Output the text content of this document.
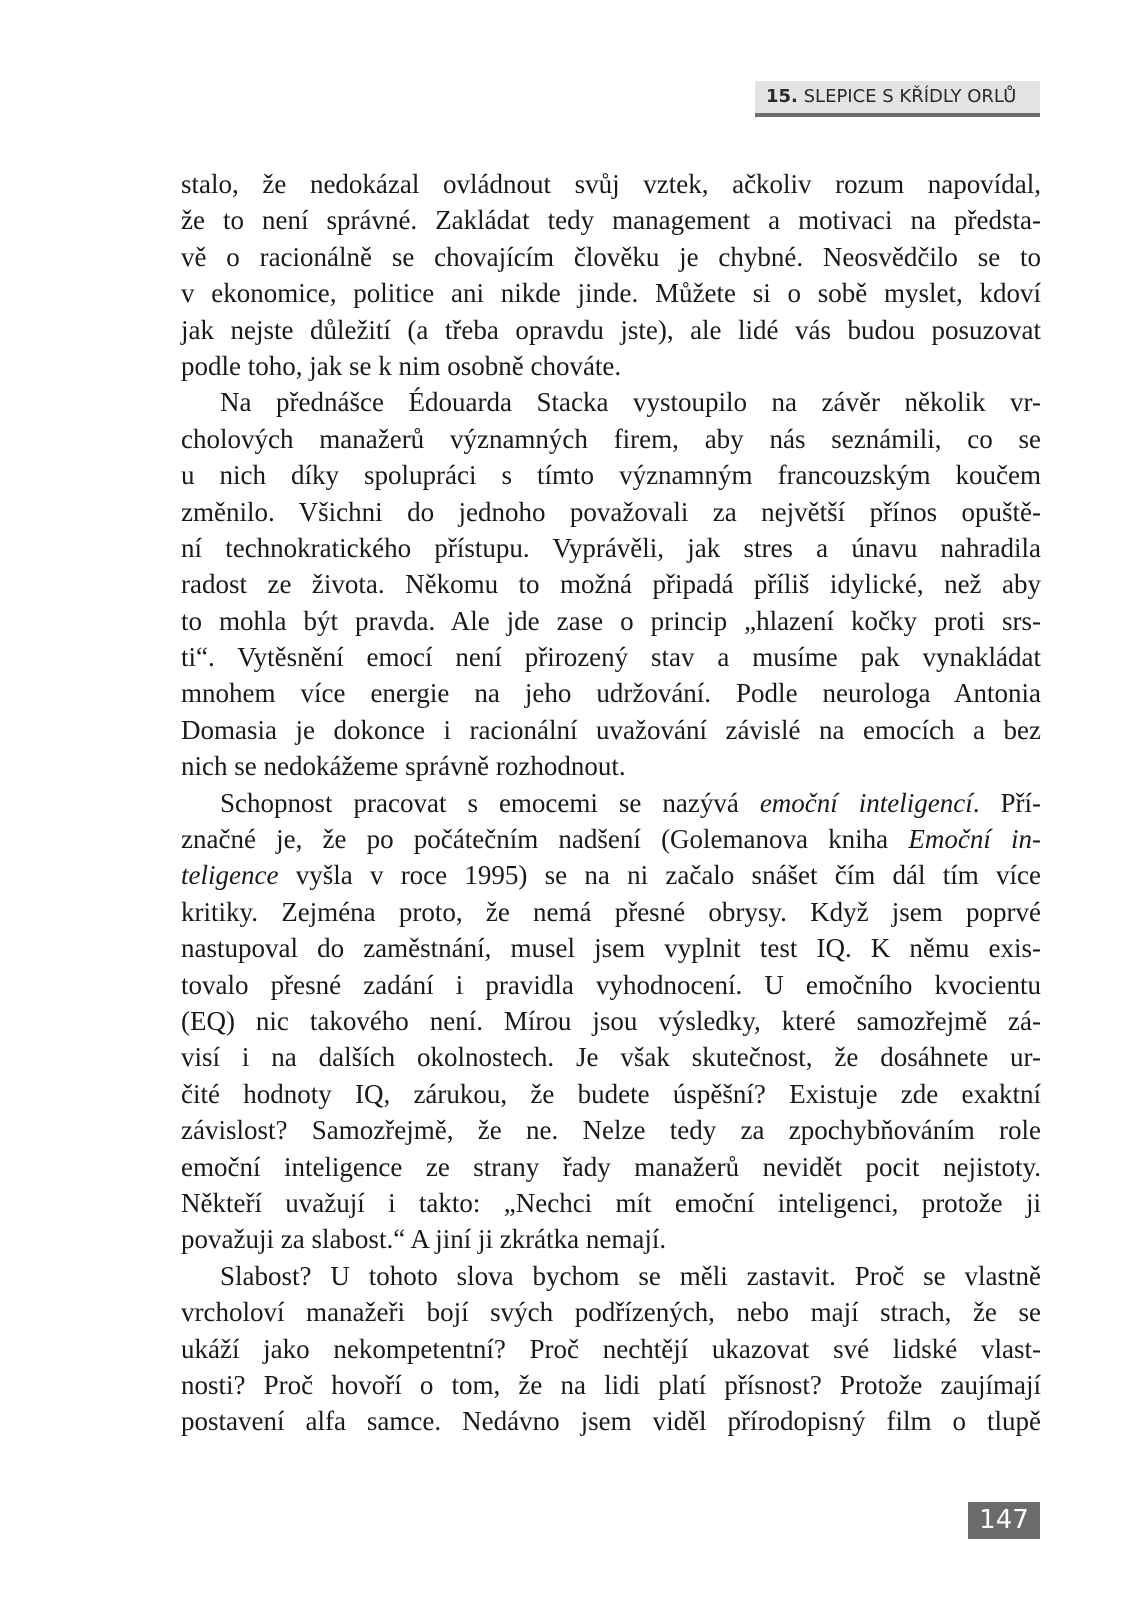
15. SLEPICE S KŘÍDLY ORLŮ
stalo, že nedokázal ovládnout svůj vztek, ačkoliv rozum napovídal,
že to není správné. Zakládat tedy management a motivaci na předsta-
vě o racionálně se chovajícím člověku je chybné. Neosvědčilo se to
v ekonomice, politice ani nikde jinde. Můžete si o sobě myslet, kdoví
jak nejste důležití (a třeba opravdu jste), ale lidé vás budou posuzovat
podle toho, jak se k nim osobně chováte.
Na přednášce Édouarda Stacka vystoupilo na závěr několik vr-
cholových manažerů významných firem, aby nás seznámili, co se
u nich díky spolupráci s tímto významným francouzským koučem
změnilo. Všichni do jednoho považovali za největší přínos opuště-
ní technokratického přístupu. Vyprávěli, jak stres a únavu nahradila
radost ze života. Někomu to možná připadá příliš idylické, než aby
to mohla být pravda. Ale jde zase o princip „hlazení kočky proti srs-
ti“. Vytěsnění emocí není přirozený stav a musíme pak vynakládat
mnohem více energie na jeho udržování. Podle neurologa Antonia
Domasia je dokonce i racionální uvažování závislé na emocích a bez
nich se nedokážeme správně rozhodnout.
Schopnost pracovat s emocemi se nazývá emoční inteligencí. Pří-
značné je, že po počátečním nadšení (Golemanova kniha Emoční in-
teligence vyšla v roce 1995) se na ni začalo snášet čím dál tím více
kritiky. Zejména proto, že nemá přesné obrysy. Když jsem poprvé
nastupoval do zaměstnání, musel jsem vyplnit test IQ. K němu exis-
tovalo přesné zadání i pravidla vyhodnocení. U emočního kvocientu
(EQ) nic takového není. Mírou jsou výsledky, které samozřejmě zá-
visí i na dalších okolnostech. Je však skutečnost, že dosáhnete ur-
čité hodnoty IQ, zárukou, že budete úspěšní? Existuje zde exaktní
závislost? Samozřejmě, že ne. Nelze tedy za zpochybňováním role
emoční inteligence ze strany řady manažerů nevidět pocit nejistoty.
Někteří uvažují i takto: „Nechci mít emoční inteligenci, protože ji
považuji za slabost.“ A jiní ji zkrátka nemají.
Slabost? U tohoto slova bychom se měli zastavit. Proč se vlastně
vrcholoví manažeři bojí svých podřízených, nebo mají strach, že se
ukáží jako nekompetentní? Proč nechtějí ukazovat své lidské vlast-
nosti? Proč hovoří o tom, že na lidi platí přísnost? Protože zaujímají
postavení alfa samce. Nedávno jsem viděl přírodopisný film o tlupě
147
